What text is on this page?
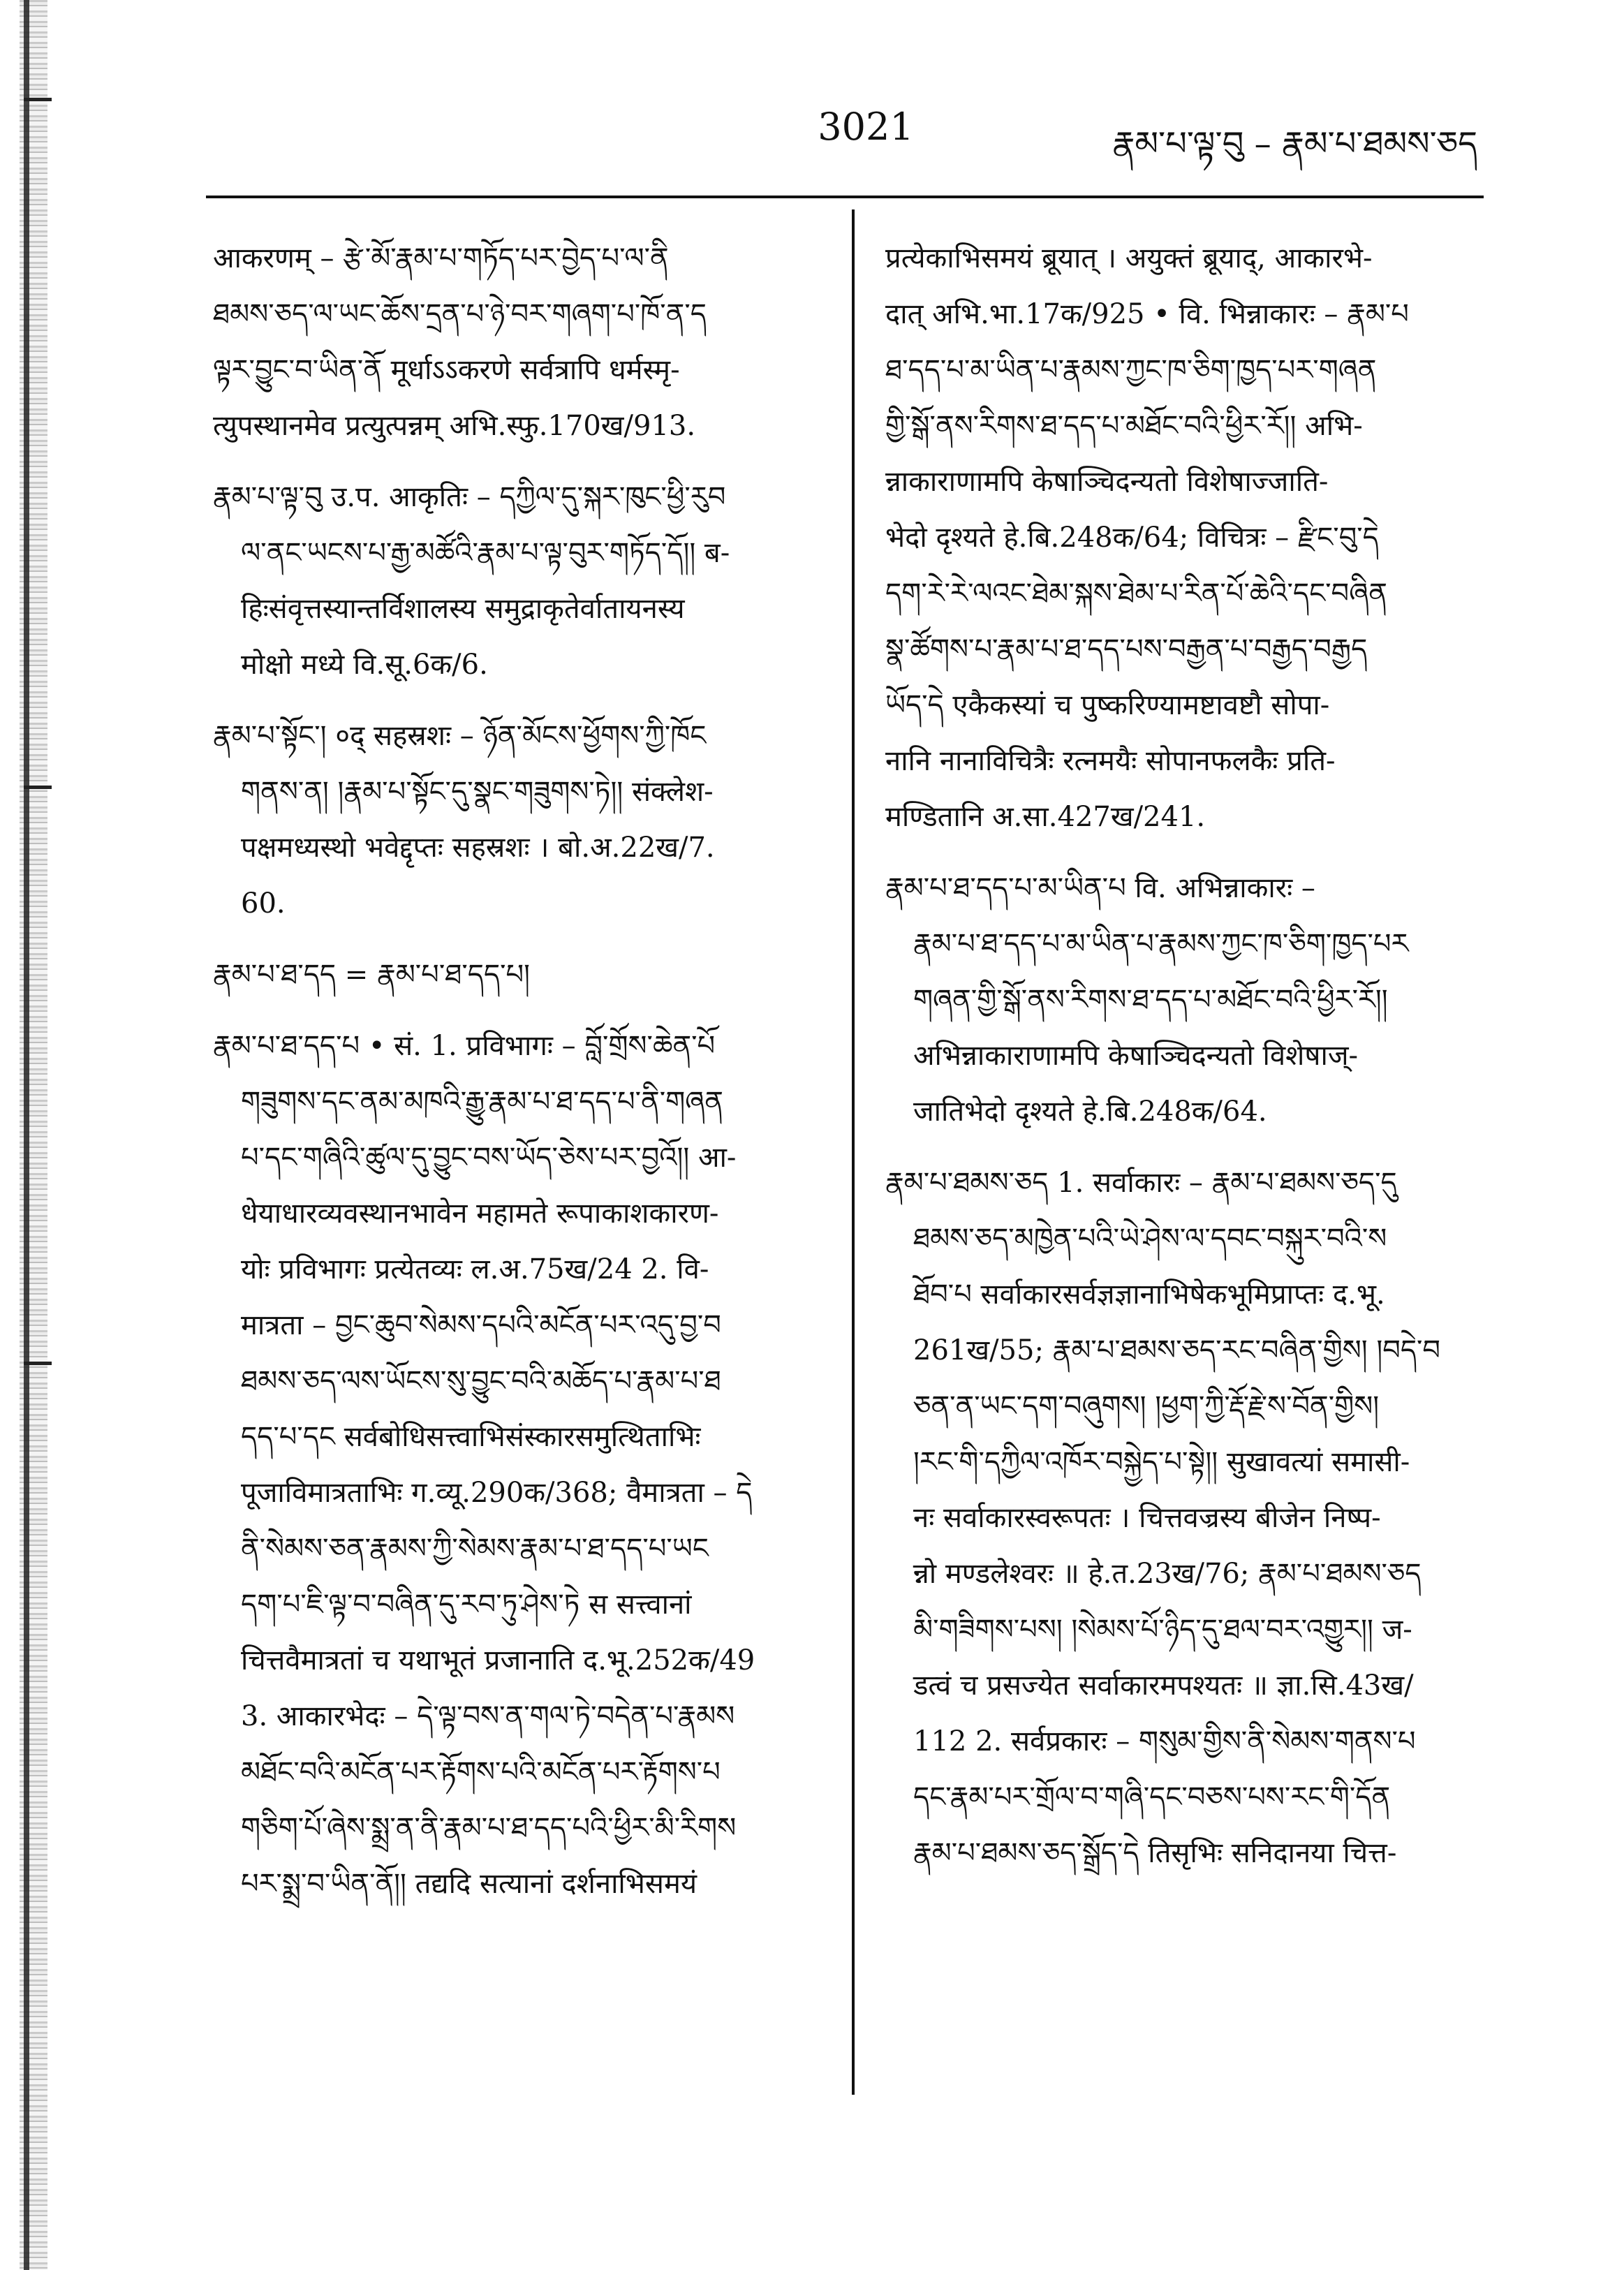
3021	རྣམ་པ་ལྟ་བུ – རྣམ་པ་ཐམས་ཅད
आकरणम् – རྩེ་མོ་རྣམ་པ་གཏོད་པར་བྱེད་པ་ལ་ནི
ཐམས་ཅད་ལ་ཡང་ཆོས་དྲན་པ་ཉེ་བར་གཞག་པ་ཁོ་ན་ད
ལྟར་བྱུང་བ་ཡིན་ནོ मूर्धाऽऽकरणे सर्वत्रापि धर्मस्मृ-
त्युपस्थानमेव प्रत्युत्पन्नम् अभि.स्फु.170ख/913.
རྣམ་པ་ལྟ་བུ उ.प. आकृतिः – དཀྱིལ་དུ་སྐར་ཁུང་ཕྱི་རུབ
ལ་ནང་ཡངས་པ་རྒྱ་མཚོའི་རྣམ་པ་ལྟ་བུར་གཏོད་དོ།། ब-
हिःसंवृत्तस्यान्तर्विशालस्य समुद्राकृतेर्वातायनस्य
मोक्षो मध्ये वि.सू.6क/6.
རྣམ་པ་སྟོང་། ०द् सहस्रशः – ཉོན་མོངས་ཕྱོགས་ཀྱི་ཁོང
གནས་ན། །རྣམ་པ་སྟོང་དུ་སྣང་གཟུགས་ཏེ།། संक्लेश-
पक्षमध्यस्थो भवेद्दृप्तः सहस्रशः । बो.अ.22ख/7.
60.
རྣམ་པ་ཐ་དད = རྣམ་པ་ཐ་དད་པ།
རྣམ་པ་ཐ་དད་པ • सं. 1. प्रविभागः – བློ་གྲོས་ཆེན་པོ
གཟུགས་དང་ནམ་མཁའི་རྒྱུ་རྣམ་པ་ཐ་དད་པ་ནི་གཞན
པ་དང་གཞིའི་ཚུལ་དུ་བྱུང་བས་ཡོད་ཅེས་པར་བྱའོ།། आ-
धेयाधारव्यवस्थानभावेन महामते रूपाकाशकारण-
योः प्रविभागः प्रत्येतव्यः ल.अ.75ख/24 2. वि-
मात्रता – བྱང་ཆུབ་སེམས་དཔའི་མངོན་པར་འདུ་བྱ་བ
ཐམས་ཅད་ལས་ཡོངས་སུ་བྱུང་བའི་མཆོད་པ་རྣམ་པ་ཐ
དད་པ་དང सर्वबोधिसत्त्वाभिसंस्कारसमुत्थिताभिः
पूजाविमात्रताभिः ग.व्यू.290क/368; वैमात्रता – དེ
ནི་སེམས་ཅན་རྣམས་ཀྱི་སེམས་རྣམ་པ་ཐ་དད་པ་ཡང
དག་པ་ཇི་ལྟ་བ་བཞིན་དུ་རབ་ཏུ་ཤེས་ཏེ स सत्त्वानां
चित्तवैमात्रतां च यथाभूतं प्रजानाति द.भू.252क/49
3. आकारभेदः – དེ་ལྟ་བས་ན་གལ་ཏེ་བདེན་པ་རྣམས
མཐོང་བའི་མངོན་པར་རྟོགས་པའི་མངོན་པར་རྟོགས་པ
གཅིག་པོ་ཞེས་སྨྲ་ན་ནི་རྣམ་པ་ཐ་དད་པའི་ཕྱིར་མི་རིགས
པར་སྨྲ་བ་ཡིན་ནོ།། तद्यदि सत्यानां दर्शनाभिसमयं
प्रत्येकाभिसमयं ब्रूयात् । अयुक्तं ब्रूयाद्, आकारभे-
दात् अभि.भा.17क/925 • वि. भिन्नाकारः – རྣམ་པ
ཐ་དད་པ་མ་ཡིན་པ་རྣམས་ཀྱང་ཁ་ཅིག་ཁྱད་པར་གཞན
གྱི་སྒོ་ནས་རིགས་ཐ་དད་པ་མཐོང་བའི་ཕྱིར་རོ།། अभि-
न्नाकाराणामपि केषाञ्चिदन्यतो विशेषाज्जाति-
भेदो दृश्यते हे.बि.248क/64; विचित्रः – རྫིང་བུ་དེ
དག་རེ་རེ་ལའང་ཐེམ་སྐས་ཐེམ་པ་རིན་པོ་ཆེའི་དང་བཞིན
སྣ་ཚོགས་པ་རྣམ་པ་ཐ་དད་པས་བརྒྱན་པ་བརྒྱད་བརྒྱད
ཡོད་དེ एकैकस्यां च पुष्करिण्यामष्टावष्टौ सोपा-
नानि नानाविचित्रैः रत्नमयैः सोपानफलकैः प्रति-
मण्डितानि अ.सा.427ख/241.
རྣམ་པ་ཐ་དད་པ་མ་ཡིན་པ वि. अभिन्नाकारः –
རྣམ་པ་ཐ་དད་པ་མ་ཡིན་པ་རྣམས་ཀྱང་ཁ་ཅིག་ཁྱད་པར
གཞན་གྱི་སྒོ་ནས་རིགས་ཐ་དད་པ་མཐོང་བའི་ཕྱིར་རོ།།
अभिन्नाकाराणामपि केषाञ्चिदन्यतो विशेषाज्-
जातिभेदो दृश्यते हे.बि.248क/64.
རྣམ་པ་ཐམས་ཅད 1. सर्वाकारः – རྣམ་པ་ཐམས་ཅད་དུ
ཐམས་ཅད་མཁྱེན་པའི་ཡེ་ཤེས་ལ་དབང་བསྐུར་བའི་ས
ཐོབ་པ सर्वाकारसर्वज्ञज्ञानाभिषेकभूमिप्राप्तः द.भू.
261ख/55; རྣམ་པ་ཐམས་ཅད་རང་བཞིན་གྱིས། །བདེ་བ
ཅན་ན་ཡང་དག་བཞུགས། །ཕྱག་ཀྱི་རྡོ་རྗེ་ས་བོན་གྱིས།
།རང་གི་དཀྱིལ་འཁོར་བསྐྱེད་པ་སྟེ།། सुखावत्यां समासी-
नः सर्वाकारस्वरूपतः । चित्तवज्रस्य बीजेन निष्प-
न्नो मण्डलेश्वरः ॥ हे.त.23ख/76; རྣམ་པ་ཐམས་ཅད
མི་གཟིགས་པས། །སེམས་པོ་ཉིད་དུ་ཐལ་བར་འགྱུར།། ज-
डत्वं च प्रसज्येत सर्वाकारमपश्यतः ॥ ज्ञा.सि.43ख/
112 2. सर्वप्रकारः – གསུམ་གྱིས་ནི་སེམས་གནས་པ
དང་རྣམ་པར་གྲོལ་བ་གཞི་དང་བཅས་པས་རང་གི་དོན
རྣམ་པ་ཐམས་ཅད་སྒྲོད་དེ तिसृभिः सनिदानया चित्त-
